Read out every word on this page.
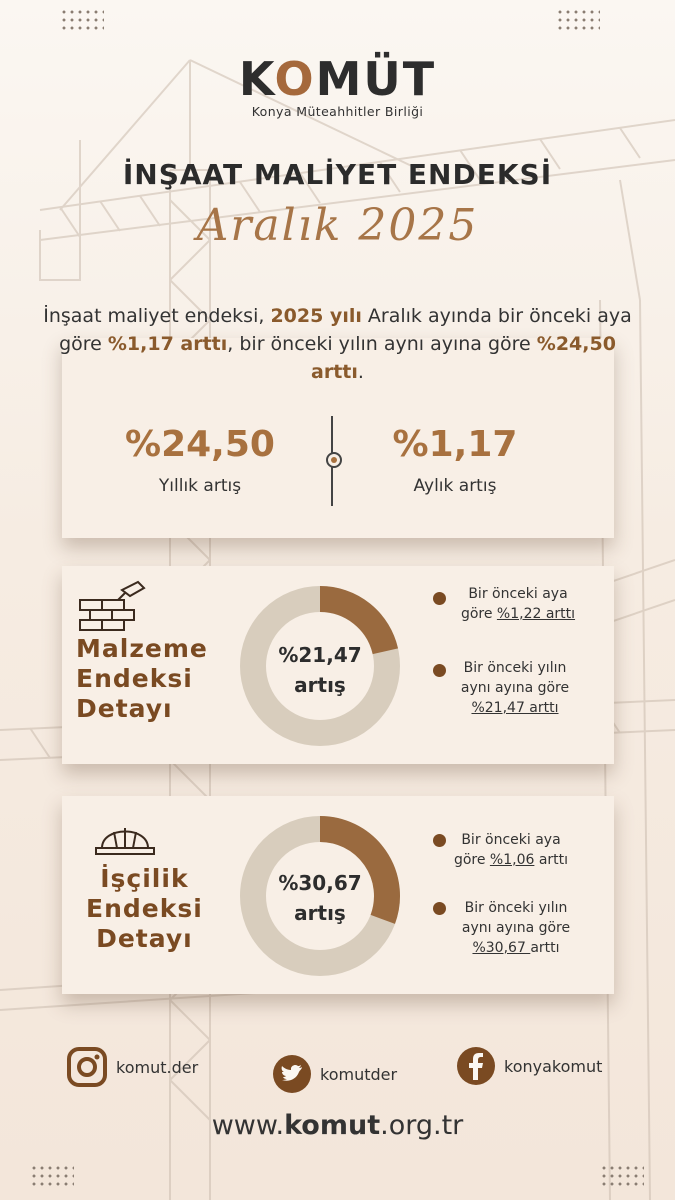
KOMÜT
Konya Müteahhitler Birliği
İNŞAAT MALİYET ENDEKSİ
Aralık 2025
İnşaat maliyet endeksi, 2025 yılı Aralık ayında bir önceki aya göre %1,17 arttı, bir önceki yılın aynı ayına göre %24,50 arttı.
%24,50
Yıllık artış
%1,17
Aylık artış
Malzeme
Endeksi
Detayı
%21,47
artış
Bir önceki aya
göre %1,22 arttı
Bir önceki yılın
aynı ayına göre
%21,47 arttı
İşçilik
Endeksi
Detayı
%30,67
artış
Bir önceki aya
göre %1,06 arttı
Bir önceki yılın
aynı ayına göre
%30,67 arttı
komut.der	komutder	konyakomut
www.komut.org.tr
